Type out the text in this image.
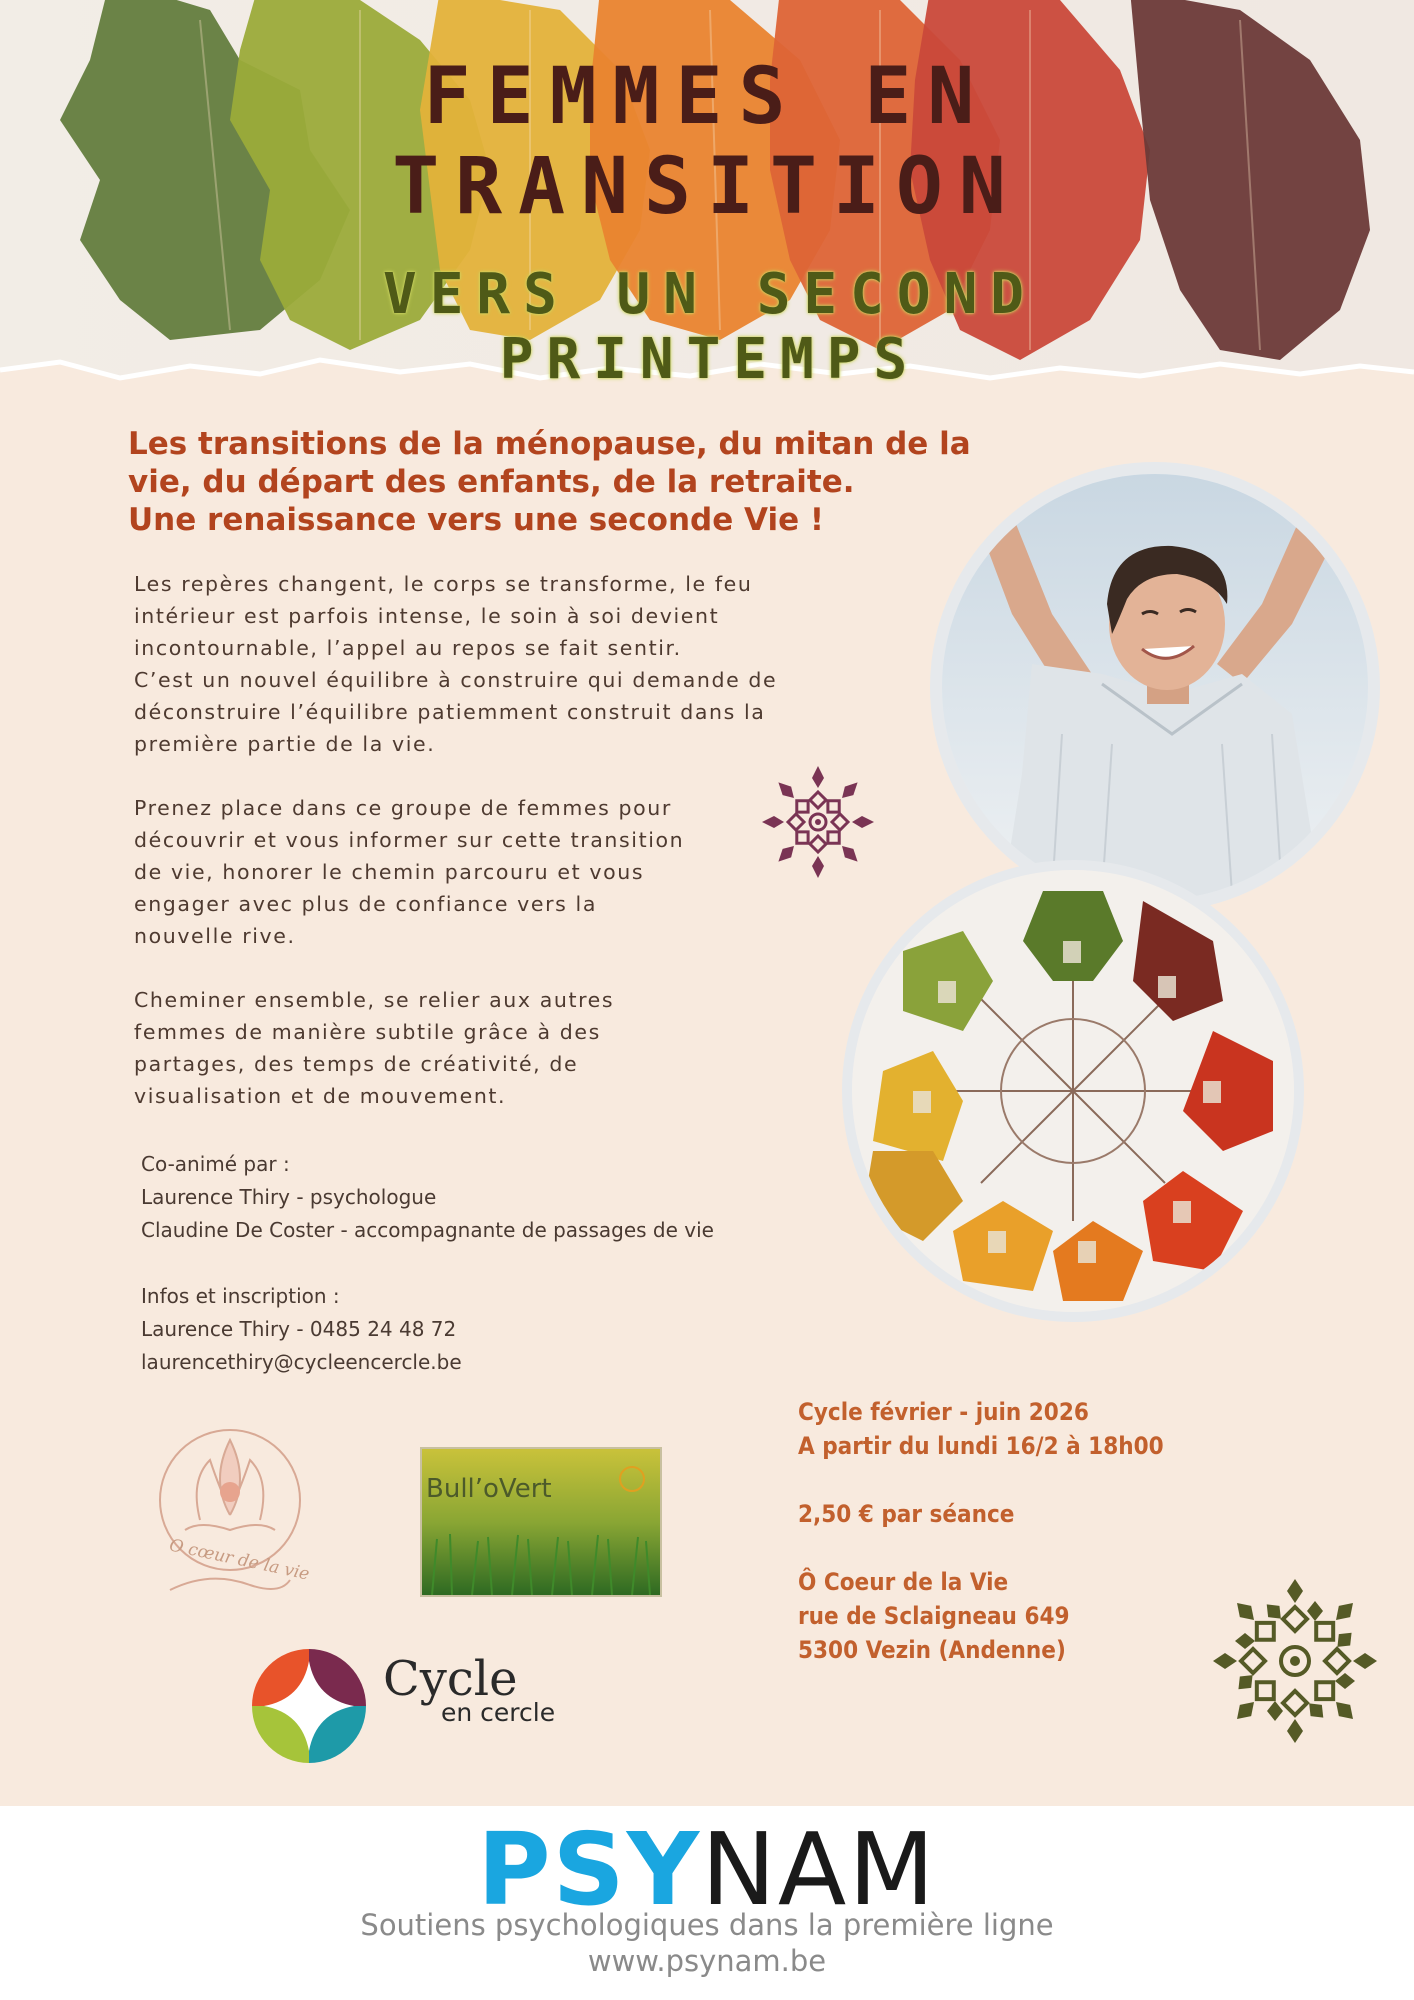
FEMMES EN
TRANSITION
VERS UN SECOND PRINTEMPS
Les transitions de la ménopause, du mitan de la
vie, du départ des enfants, de la retraite.
Une renaissance vers une seconde Vie !

Les repères changent, le corps se transforme, le feu
intérieur est parfois intense, le soin à soi devient
incontournable, l’appel au repos se fait sentir.
C’est un nouvel équilibre à construire qui demande de
déconstruire l’équilibre patiemment construit dans la
première partie de la vie.

Prenez place dans ce groupe de femmes pour
découvrir et vous informer sur cette transition
de vie, honorer le chemin parcouru et vous
engager avec plus de confiance vers la
nouvelle rive.

Cheminer ensemble, se relier aux autres
femmes de manière subtile grâce à des
partages, des temps de créativité, de
visualisation et de mouvement.

Co-animé par :
Laurence Thiry - psychologue
Claudine De Coster - accompagnante de passages de vie
Infos et inscription :
Laurence Thiry - 0485 24 48 72
laurencethiry@cycleencercle.be
Cycle février - juin 2026
A partir du lundi 16/2 à 18h00
2,50 € par séance
Ô Coeur de la Vie
rue de Sclaigneau 649
5300 Vezin (Andenne)
O cœur de la vie
Bull’oVert
Cycle
en cercle
PSYNAM
Soutiens psychologiques dans la première ligne
www.psynam.be
